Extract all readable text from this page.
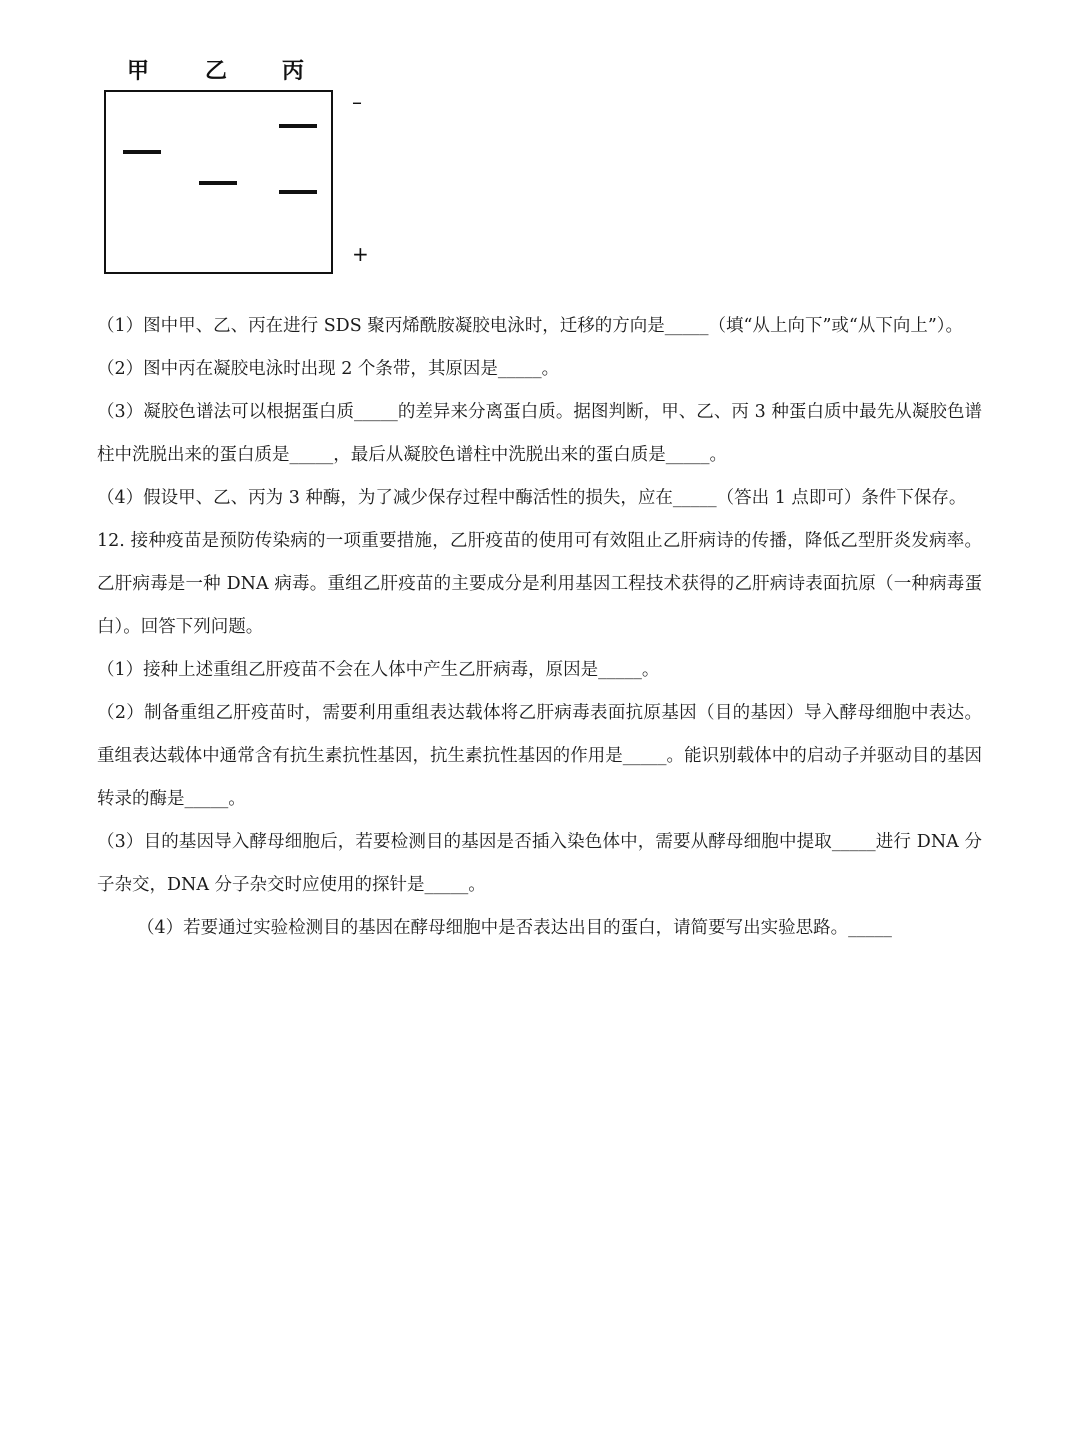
甲	乙 丙
–
+

（1）图中甲、乙、丙在进行 SDS 聚丙烯酰胺凝胶电泳时，迁移的方向是_____（填“从上向下”或“从下向上”）。

（2）图中丙在凝胶电泳时出现 2 个条带，其原因是_____。

（3）凝胶色谱法可以根据蛋白质_____的差异来分离蛋白质。据图判断，甲、乙、丙 3 种蛋白质中最先从凝胶色谱柱中洗脱出来的蛋白质是_____，最后从凝胶色谱柱中洗脱出来的蛋白质是_____。

（4）假设甲、乙、丙为 3 种酶，为了减少保存过程中酶活性的损失，应在_____（答出 1 点即可）条件下保存。

12. 接种疫苗是预防传染病的一项重要措施，乙肝疫苗的使用可有效阻止乙肝病诗的传播，降低乙型肝炎发病率。乙肝病毒是一种 DNA 病毒。重组乙肝疫苗的主要成分是利用基因工程技术获得的乙肝病诗表面抗原（一种病毒蛋白）。回答下列问题。

（1）接种上述重组乙肝疫苗不会在人体中产生乙肝病毒，原因是_____。

（2）制备重组乙肝疫苗时，需要利用重组表达载体将乙肝病毒表面抗原基因（目的基因）导入酵母细胞中表达。重组表达载体中通常含有抗生素抗性基因，抗生素抗性基因的作用是_____。能识别载体中的启动子并驱动目的基因转录的酶是_____。

（3）目的基因导入酵母细胞后，若要检测目的基因是否插入染色体中，需要从酵母细胞中提取_____进行 DNA 分子杂交，DNA 分子杂交时应使用的探针是_____。

（4）若要通过实验检测目的基因在酵母细胞中是否表达出目的蛋白，请简要写出实验思路。_____
